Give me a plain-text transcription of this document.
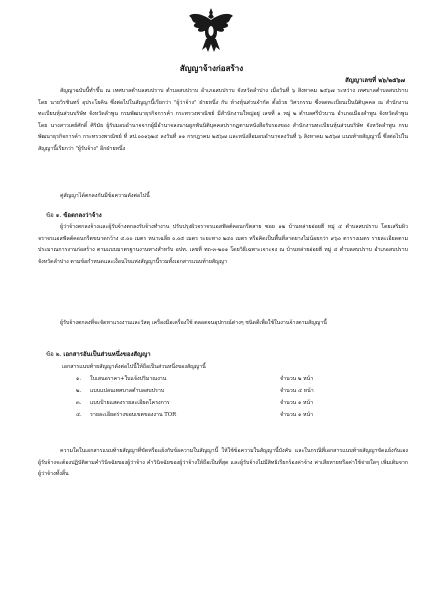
สัญญาจ้างก่อสร้าง
สัญญาเลขที่ ๒๖/๒๕๖๗
สัญญาฉบับนี้ทำขึ้น ณ เทศบาลตำบลสบปราบ ตำบลสบปราบ อำเภอสบปราบ จังหวัดลำปาง เมื่อวันที่ ๖ สิงหาคม ๒๕๖๗ ระหว่าง เทศบาลตำบลสบปราบ โดย นายวิรชินทร์ อุประโยคิน ซึ่งต่อไปในสัญญานี้เรียกว่า "ผู้ว่าจ้าง" ฝ่ายหนึ่ง กับ ห้างหุ้นส่วนจำกัด ตั้งถ้วย วิศวกรรม ซึ่งจดทะเบียนเป็นนิติบุคคล ณ สำนักงานทะเบียนหุ้นส่วนบริษัท จังหวัดลำพูน กรมพัฒนาธุรกิจการค้า กระทรวงพาณิชย์ มีสำนักงานใหญ่อยู่ เลขที่ ๑ หมู่ ๒ ตำบลศรีบัวบาน อำเภอเมืองลำพูน จังหวัดลำพูน โดย นางสาวเตย์ศักดิ์ ศิริมัย ผู้รับมอบอำนาจจากผู้มีอำนาจลงนามผูกพันนิติบุคคลปรากฏตามหนังสือรับรองของ สำนักงานทะเบียนหุ้นส่วนบริษัท จังหวัดลำพูน กรมพัฒนาธุรกิจการค้า กระทรวงพาณิชย์ ที่ สป.๐๐๑๖๒๔ ลงวันที่ ๑๑ กรกฎาคม ๒๕๖๗ และหนังสือมอบอำนาจลงวันที่ ๖ สิงหาคม ๒๕๖๗ แนบท้ายสัญญานี้ ซึ่งต่อไปในสัญญานี้เรียกว่า "ผู้รับจ้าง" อีกฝ่ายหนึ่ง
คู่สัญญาได้ตกลงกันมีข้อความดังต่อไปนี้
ข้อ ๑. ข้อตกลงว่าจ้าง
ผู้ว่าจ้างตกลงจ้างและผู้รับจ้างตกลงรับจ้างทำงาน ปรับปรุงผิวจราจรแอสฟัลต์คอนกรีตสาย ซอย ๑๒ บ้านหล่ายอ่อยฮี หมู่ ๔ ตำบลสบปราบ โดยเสริมผิวจราจรแอสฟัลต์คอนกรีตขนาดกว้าง ๔.๐๐ เมตร หนาเฉลี่ย ๐.๐๕ เมตร ระยะทาง ๒๔๐ เมตร หรือคิดเป็นพื้นที่ลาดยางไม่น้อยกว่า ๙๖๐ ตารางเมตร รายละเอียดตามประมาณการงานก่อสร้าง ตามแบบมาตรฐานงานทางสำหรับ อปท. เลขที่ ทถ-๓-๒๐๑ โดยวิธีเฉพาะเจาะจง ณ บ้านหล่ายอ่อยฮี หมู่ ๔ ตำบลสบปราบ อำเภอสบปราบ จังหวัดลำปาง ตามข้อกำหนดและเงื่อนไขแห่งสัญญานี้รวมทั้งเอกสารแนบท้ายสัญญา
ผู้รับจ้างตกลงที่จะจัดหาแรงงานและวัสดุ เครื่องมือเครื่องใช้ ตลอดจนอุปกรณ์ต่างๆ ชนิดดีเพื่อใช้ในงานจ้างตามสัญญานี้
ข้อ ๒. เอกสารอันเป็นส่วนหนึ่งของสัญญา
เอกสารแนบท้ายสัญญาดังต่อไปนี้ให้ถือเป็นส่วนหนึ่งของสัญญานี้
๑. ใบเสนอราคา+ใบแจ้งปริมาณงาน	จำนวน ๒ หน้า
๒. แบบแปลนเทศบาลตำบลสบปราบ	จำนวน ๔ หน้า
๓. แบบป้ายแสดงรายละเอียดโครงการ	จำนวน ๑ หน้า
๔. รายละเอียดร่างขอบเขตของงาน TOR	จำนวน ๑ หน้า
ความใดในเอกสารแนบท้ายสัญญาที่ขัดหรือแย้งกับข้อความในสัญญานี้ ให้ใช้ข้อความในสัญญานี้บังคับ และในกรณีที่เอกสารแนบท้ายสัญญาขัดแย้งกันเอง ผู้รับจ้างจะต้องปฏิบัติตามคำวินิจฉัยของผู้ว่าจ้าง คำวินิจฉัยของผู้ว่าจ้างให้ถือเป็นที่สุด และผู้รับจ้างไม่มีสิทธิเรียกร้องค่าจ้าง ค่าเสียหายหรือค่าใช้จ่ายใดๆ เพิ่มเติมจากผู้ว่าจ้างทั้งสิ้น
